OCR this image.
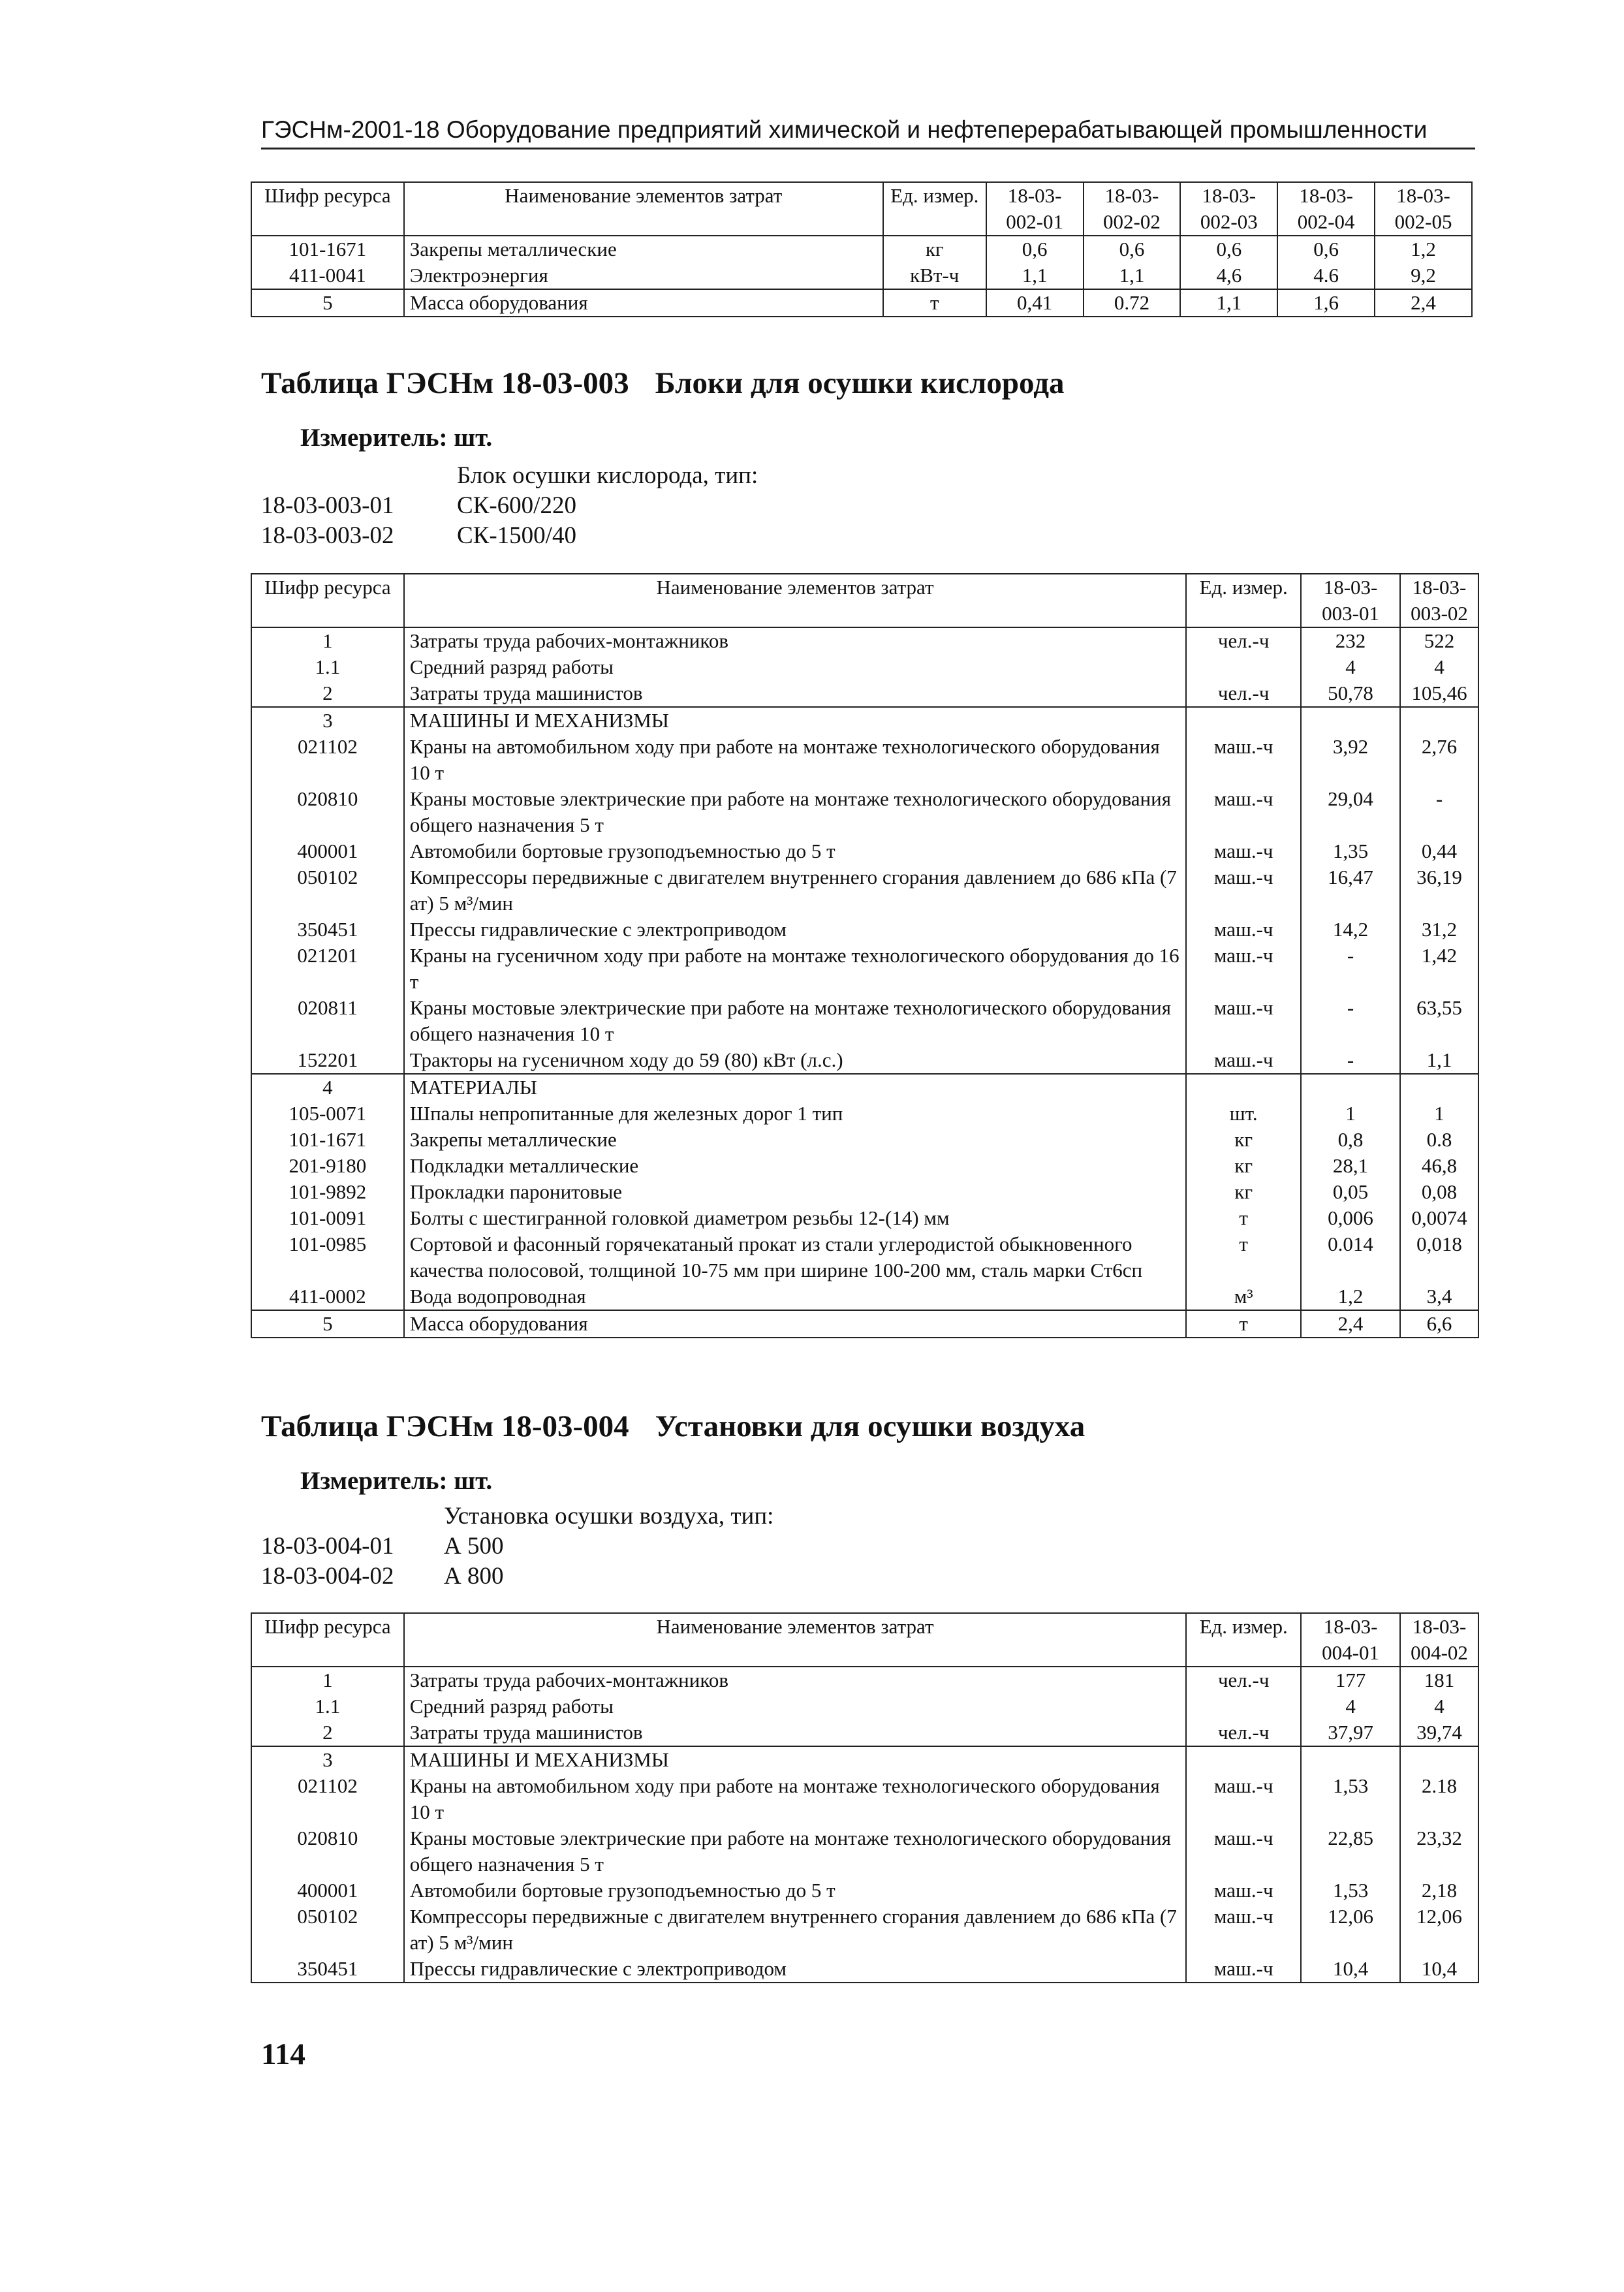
ГЭСНм-2001-18 Оборудование предприятий химической и нефтеперерабатывающей промышленности
Шифр ресурса	Наименование элементов затрат	Ед. измер.	18-03-002-01	18-03-002-02	18-03-002-03	18-03-002-04	18-03-002-05
101-1671	Закрепы металлические	кг	0,6	0,6	0,6	0,6	1,2
411-0041	Электроэнергия	кВт-ч	1,1	1,1	4,6	4.6	9,2
5	Масса оборудования	т	0,41	0.72	1,1	1,6	2,4
Таблица ГЭСНм 18-03-003 Блоки для осушки кислорода
Измеритель: шт.
Блок осушки кислорода, тип:
18-03-003-01	СК-600/220
18-03-003-02	СК-1500/40
Шифр ресурса	Наименование элементов затрат	Ед. измер.	18-03-003-01	18-03-003-02
1	Затраты труда рабочих-монтажников	чел.-ч	232	522
1.1	Средний разряд работы		4	4
2	Затраты труда машинистов	чел.-ч	50,78	105,46
3	МАШИНЫ И МЕХАНИЗМЫ			
021102	Краны на автомобильном ходу при работе на монтаже технологического оборудования 10 т	маш.-ч	3,92	2,76
020810	Краны мостовые электрические при работе на монтаже технологического оборудования общего назначения 5 т	маш.-ч	29,04	-
400001	Автомобили бортовые грузоподъемностью до 5 т	маш.-ч	1,35	0,44
050102	Компрессоры передвижные с двигателем внутреннего сгорания давлением до 686 кПа (7 ат) 5 м³/мин	маш.-ч	16,47	36,19
350451	Прессы гидравлические с электроприводом	маш.-ч	14,2	31,2
021201	Краны на гусеничном ходу при работе на монтаже технологического оборудования до 16 т	маш.-ч	-	1,42
020811	Краны мостовые электрические при работе на монтаже технологического оборудования общего назначения 10 т	маш.-ч	-	63,55
152201	Тракторы на гусеничном ходу до 59 (80) кВт (л.с.)	маш.-ч	-	1,1
4	МАТЕРИАЛЫ			
105-0071	Шпалы непропитанные для железных дорог 1 тип	шт.	1	1
101-1671	Закрепы металлические	кг	0,8	0.8
201-9180	Подкладки металлические	кг	28,1	46,8
101-9892	Прокладки паронитовые	кг	0,05	0,08
101-0091	Болты с шестигранной головкой диаметром резьбы 12-(14) мм	т	0,006	0,0074
101-0985	Сортовой и фасонный горячекатаный прокат из стали углеродистой обыкновенного качества полосовой, толщиной 10-75 мм при ширине 100-200 мм, сталь марки Ст6сп	т	0.014	0,018
411-0002	Вода водопроводная	м³	1,2	3,4
5	Масса оборудования	т	2,4	6,6
Таблица ГЭСНм 18-03-004 Установки для осушки воздуха
Измеритель: шт.
Установка осушки воздуха, тип:
18-03-004-01	А 500
18-03-004-02	А 800
Шифр ресурса	Наименование элементов затрат	Ед. измер.	18-03-004-01	18-03-004-02
1	Затраты труда рабочих-монтажников	чел.-ч	177	181
1.1	Средний разряд работы		4	4
2	Затраты труда машинистов	чел.-ч	37,97	39,74
3	МАШИНЫ И МЕХАНИЗМЫ			
021102	Краны на автомобильном ходу при работе на монтаже технологического оборудования 10 т	маш.-ч	1,53	2.18
020810	Краны мостовые электрические при работе на монтаже технологического оборудования общего назначения 5 т	маш.-ч	22,85	23,32
400001	Автомобили бортовые грузоподъемностью до 5 т	маш.-ч	1,53	2,18
050102	Компрессоры передвижные с двигателем внутреннего сгорания давлением до 686 кПа (7 ат) 5 м³/мин	маш.-ч	12,06	12,06
350451	Прессы гидравлические с электроприводом	маш.-ч	10,4	10,4
114
